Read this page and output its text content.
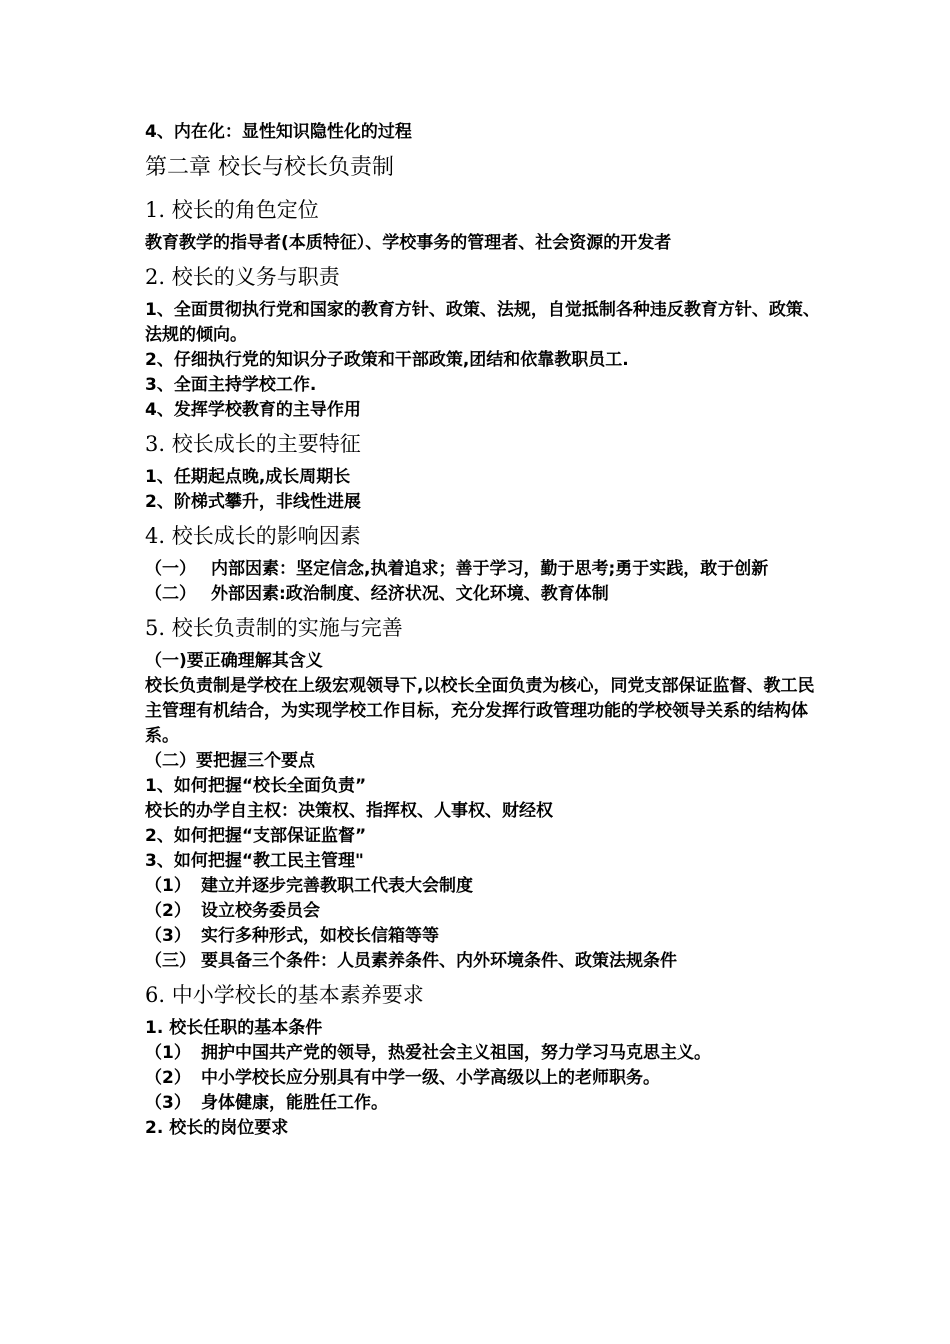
4、内在化：显性知识隐性化的过程

第二章 校长与校长负责制
1. 校长的角色定位

教育教学的指导者(本质特征）、学校事务的管理者、社会资源的开发者

2. 校长的义务与职责

1、全面贯彻执行党和国家的教育方针、政策、法规，自觉抵制各种违反教育方针、政策、法规的倾向。

2、仔细执行党的知识分子政策和干部政策,团结和依靠教职员工.

3、全面主持学校工作.

4、发挥学校教育的主导作用

3. 校长成长的主要特征

1、任期起点晚,成长周期长

2、阶梯式攀升，非线性进展

4. 校长成长的影响因素
（一） 内部因素：坚定信念,执着追求；善于学习，勤于思考;勇于实践，敢于创新
（二） 外部因素:政治制度、经济状况、文化环境、教育体制
5. 校长负责制的实施与完善

（一)要正确理解其含义

校长负责制是学校在上级宏观领导下,以校长全面负责为核心，同党支部保证监督、教工民主管理有机结合，为实现学校工作目标，充分发挥行政管理功能的学校领导关系的结构体系。

（二）要把握三个要点

1、如何把握“校长全面负责”

校长的办学自主权：决策权、指挥权、人事权、财经权

2、如何把握“支部保证监督”

3、如何把握“教工民主管理"

（1） 建立并逐步完善教职工代表大会制度
（2） 设立校务委员会
（3） 实行多种形式，如校长信箱等等
（三） 要具备三个条件：人员素养条件、内外环境条件、政策法规条件
6. 中小学校长的基本素养要求

1. 校长任职的基本条件

（1） 拥护中国共产党的领导，热爱社会主义祖国，努力学习马克思主义。
（2） 中小学校长应分别具有中学一级、小学高级以上的老师职务。
（3） 身体健康，能胜任工作。

2. 校长的岗位要求
